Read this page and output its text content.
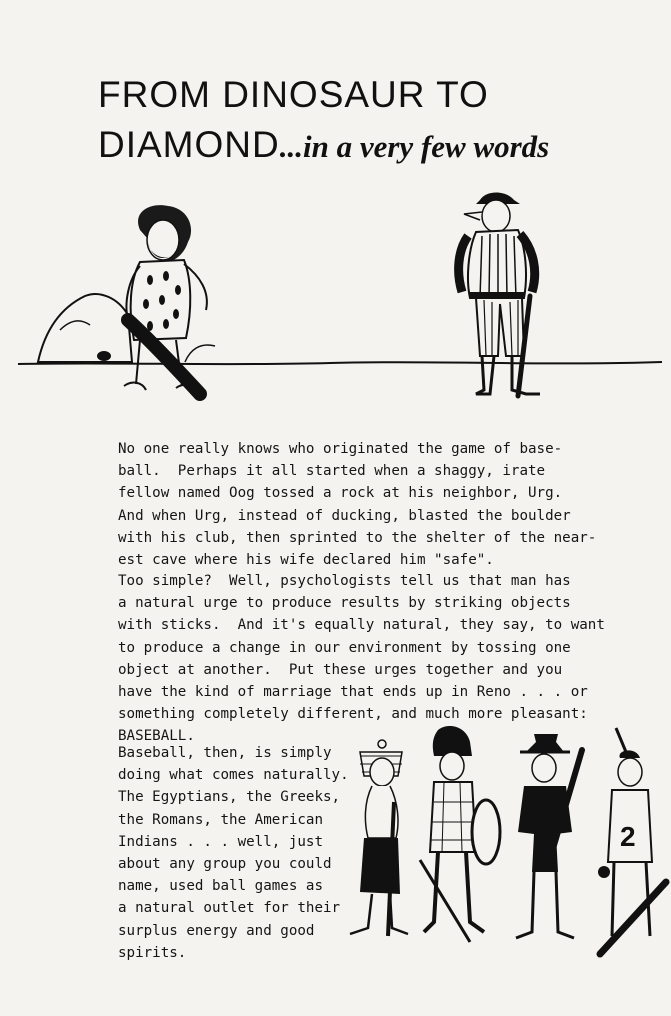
FROM DINOSAUR TO
DIAMOND...in a very few words

No one really knows who originated the game of base-
ball.  Perhaps it all started when a shaggy, irate
fellow named Oog tossed a rock at his neighbor, Urg.
And when Urg, instead of ducking, blasted the boulder
with his club, then sprinted to the shelter of the near-
est cave where his wife declared him "safe".

Too simple?  Well, psychologists tell us that man has
a natural urge to produce results by striking objects
with sticks.  And it's equally natural, they say, to want
to produce a change in our environment by tossing one
object at another.  Put these urges together and you
have the kind of marriage that ends up in Reno . . . or
something completely different, and much more pleasant:
BASEBALL.

Baseball, then, is simply
doing what comes naturally.
The Egyptians, the Greeks,
the Romans, the American
Indians . . . well, just
about any group you could
name, used ball games as
a natural outlet for their
surplus energy and good
spirits.

2
